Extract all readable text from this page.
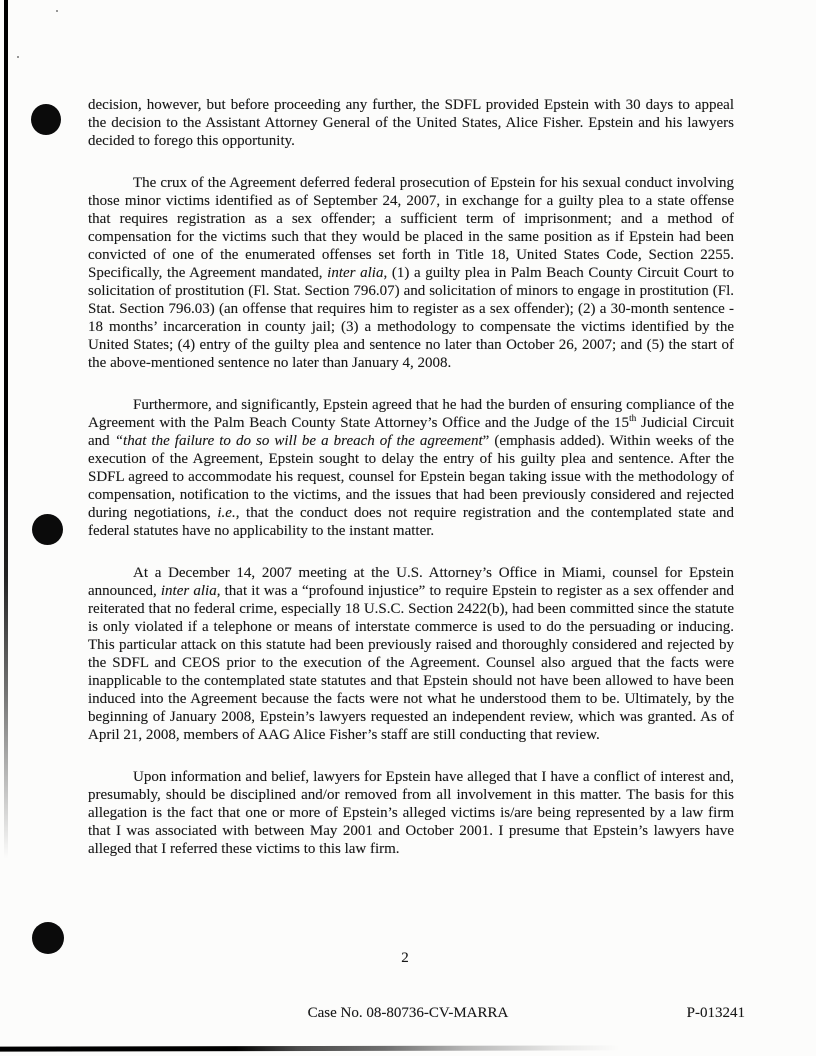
decision, however, but before proceeding any further, the SDFL provided Epstein with 30 days to appeal the decision to the Assistant Attorney General of the United States, Alice Fisher. Epstein and his lawyers decided to forego this opportunity.

The crux of the Agreement deferred federal prosecution of Epstein for his sexual conduct involving those minor victims identified as of September 24, 2007, in exchange for a guilty plea to a state offense that requires registration as a sex offender; a sufficient term of imprisonment; and a method of compensation for the victims such that they would be placed in the same position as if Epstein had been convicted of one of the enumerated offenses set forth in Title 18, United States Code, Section 2255. Specifically, the Agreement mandated, inter alia, (1) a guilty plea in Palm Beach County Circuit Court to solicitation of prostitution (Fl. Stat. Section 796.07) and solicitation of minors to engage in prostitution (Fl. Stat. Section 796.03) (an offense that requires him to register as a sex offender); (2) a 30-month sentence - 18 months’ incarceration in county jail; (3) a methodology to compensate the victims identified by the United States; (4) entry of the guilty plea and sentence no later than October 26, 2007; and (5) the start of the above-mentioned sentence no later than January 4, 2008.

Furthermore, and significantly, Epstein agreed that he had the burden of ensuring compliance of the Agreement with the Palm Beach County State Attorney’s Office and the Judge of the 15th Judicial Circuit and “that the failure to do so will be a breach of the agreement” (emphasis added). Within weeks of the execution of the Agreement, Epstein sought to delay the entry of his guilty plea and sentence. After the SDFL agreed to accommodate his request, counsel for Epstein began taking issue with the methodology of compensation, notification to the victims, and the issues that had been previously considered and rejected during negotiations, i.e., that the conduct does not require registration and the contemplated state and federal statutes have no applicability to the instant matter.

At a December 14, 2007 meeting at the U.S. Attorney’s Office in Miami, counsel for Epstein announced, inter alia, that it was a “profound injustice” to require Epstein to register as a sex offender and reiterated that no federal crime, especially 18 U.S.C. Section 2422(b), had been committed since the statute is only violated if a telephone or means of interstate commerce is used to do the persuading or inducing. This particular attack on this statute had been previously raised and thoroughly considered and rejected by the SDFL and CEOS prior to the execution of the Agreement. Counsel also argued that the facts were inapplicable to the contemplated state statutes and that Epstein should not have been allowed to have been induced into the Agreement because the facts were not what he understood them to be. Ultimately, by the beginning of January 2008, Epstein’s lawyers requested an independent review, which was granted. As of April 21, 2008, members of AAG Alice Fisher’s staff are still conducting that review.

Upon information and belief, lawyers for Epstein have alleged that I have a conflict of interest and, presumably, should be disciplined and/or removed from all involvement in this matter. The basis for this allegation is the fact that one or more of Epstein’s alleged victims is/are being represented by a law firm that I was associated with between May 2001 and October 2001. I presume that Epstein’s lawyers have alleged that I referred these victims to this law firm.

2
Case No. 08-80736-CV-MARRA	P-013241
